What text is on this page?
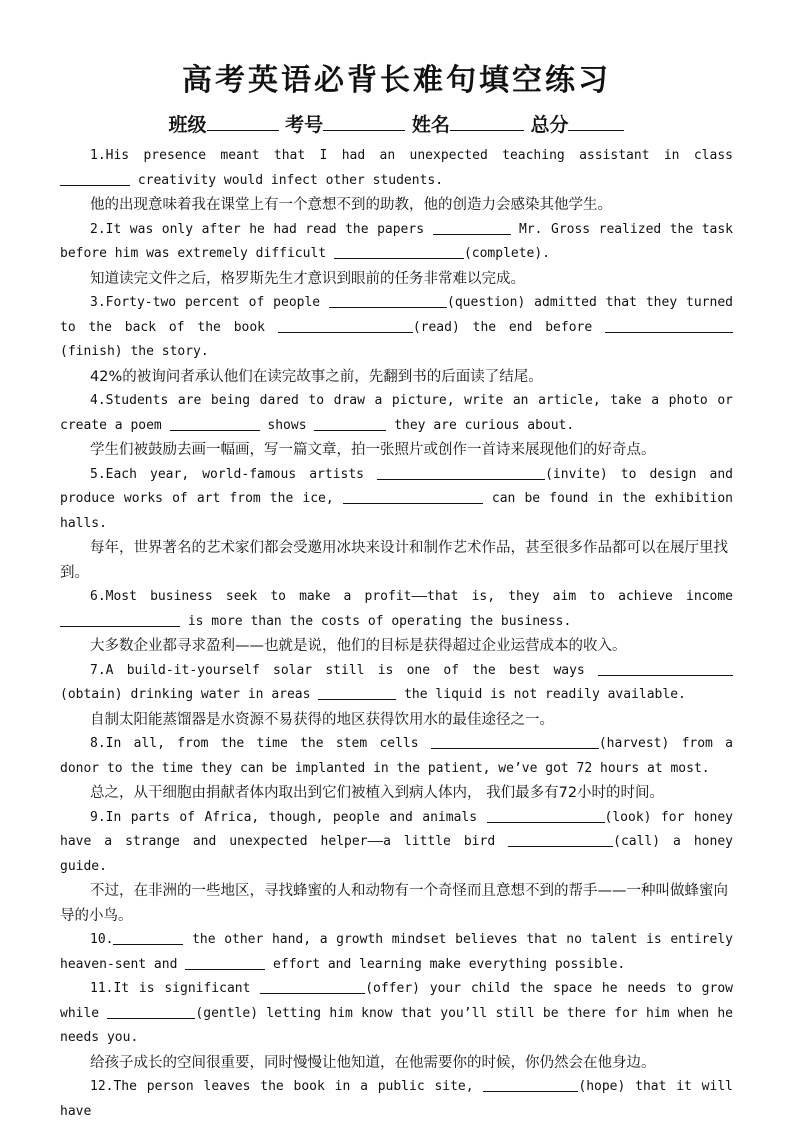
高考英语必背长难句填空练习
班级	考号	姓名	总分

1.His presence meant that I had an unexpected teaching assistant in class  creativity would infect other students.

他的出现意味着我在课堂上有一个意想不到的助教，他的创造力会感染其他学生。

2.It was only after he had read the papers	Mr. Gross realized the task before him was extremely difficult	(complete).

知道读完文件之后，格罗斯先生才意识到眼前的任务非常难以完成。

3.Forty-two percent of people	(question) admitted that they turned to the back of the book	(read) the end before (finish) the story.

42%的被询问者承认他们在读完故事之前，先翻到书的后面读了结尾。

4.Students are being dared to draw a picture, write an article, take a photo or create a poem	shows	they are curious about.

学生们被鼓励去画一幅画，写一篇文章，拍一张照片或创作一首诗来展现他们的好奇点。

5.Each year, world-famous artists	(invite) to design and produce works of art from the ice,	can be found in the exhibition halls.

每年，世界著名的艺术家们都会受邀用冰块来设计和制作艺术作品，甚至很多作品都可以在展厅里找到。

6.Most business seek to make a profit——that is, they aim to achieve income  is more than the costs of operating the business.

大多数企业都寻求盈利——也就是说，他们的目标是获得超过企业运营成本的收入。

7.A build-it-yourself solar still is one of the best ways (obtain) drinking water in areas	the liquid is not readily available.

自制太阳能蒸馏器是水资源不易获得的地区获得饮用水的最佳途径之一。

8.In all, from the time the stem cells	(harvest) from a donor to the time they can be implanted in the patient, we’ve got 72 hours at most.

总之，从干细胞由捐献者体内取出到它们被植入到病人体内， 我们最多有72小时的时间。

9.In parts of Africa, though, people and animals	(look) for honey have a strange and unexpected helper——a little bird	(call) a honey guide.

不过，在非洲的一些地区，寻找蜂蜜的人和动物有一个奇怪而且意想不到的帮手——一种叫做蜂蜜向导的小鸟。

10.	the other hand, a growth mindset believes that no talent is entirely heaven-sent and	effort and learning make everything possible.

11.It is significant	(offer) your child the space he needs to grow while	(gentle) letting him know that you’ll still be there for him when he needs you.

给孩子成长的空间很重要，同时慢慢让他知道，在他需要你的时候，你仍然会在他身边。

12.The person leaves the book in a public site,	(hope) that it will have
